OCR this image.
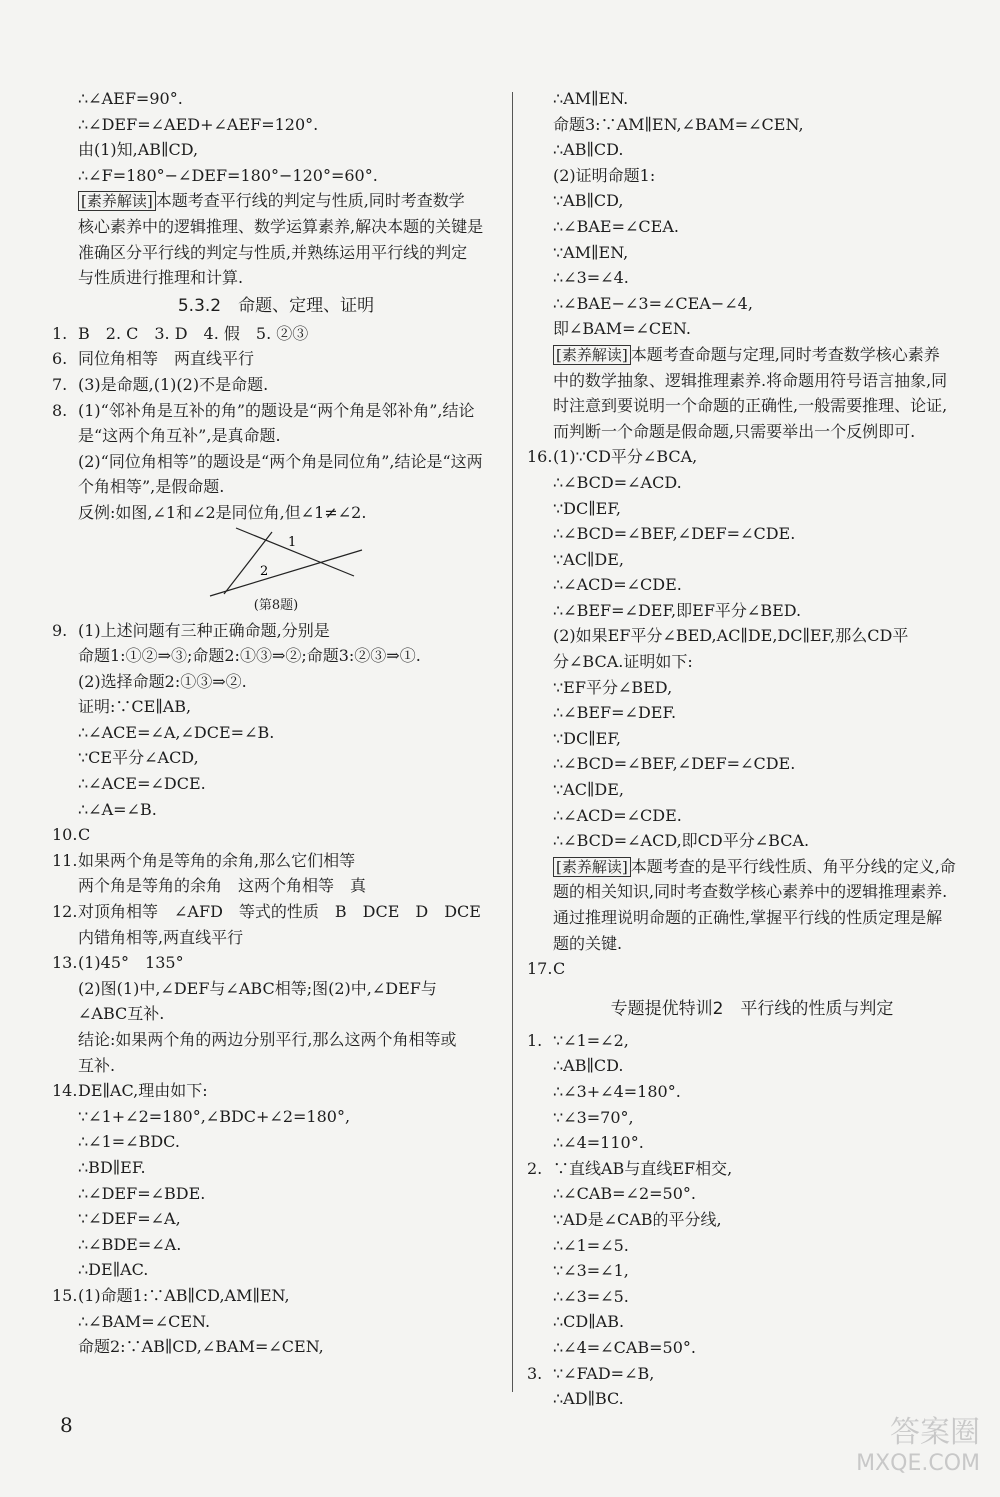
∴∠AEF=90°.
∴∠DEF=∠AED+∠AEF=120°.
由(1)知,AB∥CD,
∴∠F=180°−∠DEF=180°−120°=60°.
[素养解读] 本题考查平行线的判定与性质,同时考查数学
核心素养中的逻辑推理、数学运算素养,解决本题的关键是
准确区分平行线的判定与性质,并熟练运用平行线的判定
与性质进行推理和计算.
5.3.2　命题、定理、证明
1. B　2. C　3. D　4. 假　5. ②③
6. 同位角相等　两直线平行
7. (3)是命题,(1)(2)不是命题.
8. (1)“邻补角是互补的角”的题设是“两个角是邻补角”,结论
是“这两个角互补”,是真命题.
(2)“同位角相等”的题设是“两个角是同位角”,结论是“这两
个角相等”,是假命题.
反例:如图,∠1和∠2是同位角,但∠1≠∠2.
1
2
(第8题)
9. (1)上述问题有三种正确命题,分别是
命题1:①②⇒③;命题2:①③⇒②;命题3:②③⇒①.
(2)选择命题2:①③⇒②.
证明:∵CE∥AB,
∴∠ACE=∠A,∠DCE=∠B.
∵CE平分∠ACD,
∴∠ACE=∠DCE.
∴∠A=∠B.
10.C
11.如果两个角是等角的余角,那么它们相等
两个角是等角的余角　这两个角相等　真
12.对顶角相等　∠AFD　等式的性质　B　DCE　D　DCE
内错角相等,两直线平行
13.(1)45°　135°
(2)图(1)中,∠DEF与∠ABC相等;图(2)中,∠DEF与
∠ABC互补.
结论:如果两个角的两边分别平行,那么这两个角相等或
互补.
14.DE∥AC,理由如下:
∵∠1+∠2=180°,∠BDC+∠2=180°,
∴∠1=∠BDC.
∴BD∥EF.
∴∠DEF=∠BDE.
∵∠DEF=∠A,
∴∠BDE=∠A.
∴DE∥AC.
15.(1)命题1:∵AB∥CD,AM∥EN,
∴∠BAM=∠CEN.
命题2:∵AB∥CD,∠BAM=∠CEN,
∴AM∥EN.
命题3:∵AM∥EN,∠BAM=∠CEN,
∴AB∥CD.
(2)证明命题1:
∵AB∥CD,
∴∠BAE=∠CEA.
∵AM∥EN,
∴∠3=∠4.
∴∠BAE−∠3=∠CEA−∠4,
即∠BAM=∠CEN.
[素养解读] 本题考查命题与定理,同时考查数学核心素养
中的数学抽象、逻辑推理素养.将命题用符号语言抽象,同
时注意到要说明一个命题的正确性,一般需要推理、论证,
而判断一个命题是假命题,只需要举出一个反例即可.
16.(1)∵CD平分∠BCA,
∴∠BCD=∠ACD.
∵DC∥EF,
∴∠BCD=∠BEF,∠DEF=∠CDE.
∵AC∥DE,
∴∠ACD=∠CDE.
∴∠BEF=∠DEF,即EF平分∠BED.
(2)如果EF平分∠BED,AC∥DE,DC∥EF,那么CD平
分∠BCA.证明如下:
∵EF平分∠BED,
∴∠BEF=∠DEF.
∵DC∥EF,
∴∠BCD=∠BEF,∠DEF=∠CDE.
∵AC∥DE,
∴∠ACD=∠CDE.
∴∠BCD=∠ACD,即CD平分∠BCA.
[素养解读] 本题考查的是平行线性质、角平分线的定义,命
题的相关知识,同时考查数学核心素养中的逻辑推理素养.
通过推理说明命题的正确性,掌握平行线的性质定理是解
题的关键.
17.C
专题提优特训2　平行线的性质与判定
1. ∵∠1=∠2,
∴AB∥CD.
∴∠3+∠4=180°.
∵∠3=70°,
∴∠4=110°.
2. ∵直线AB与直线EF相交,
∴∠CAB=∠2=50°.
∵AD是∠CAB的平分线,
∴∠1=∠5.
∵∠3=∠1,
∴∠3=∠5.
∴CD∥AB.
∴∠4=∠CAB=50°.
3. ∵∠FAD=∠B,
∴AD∥BC.
8	答案圈
MXQE.COM
